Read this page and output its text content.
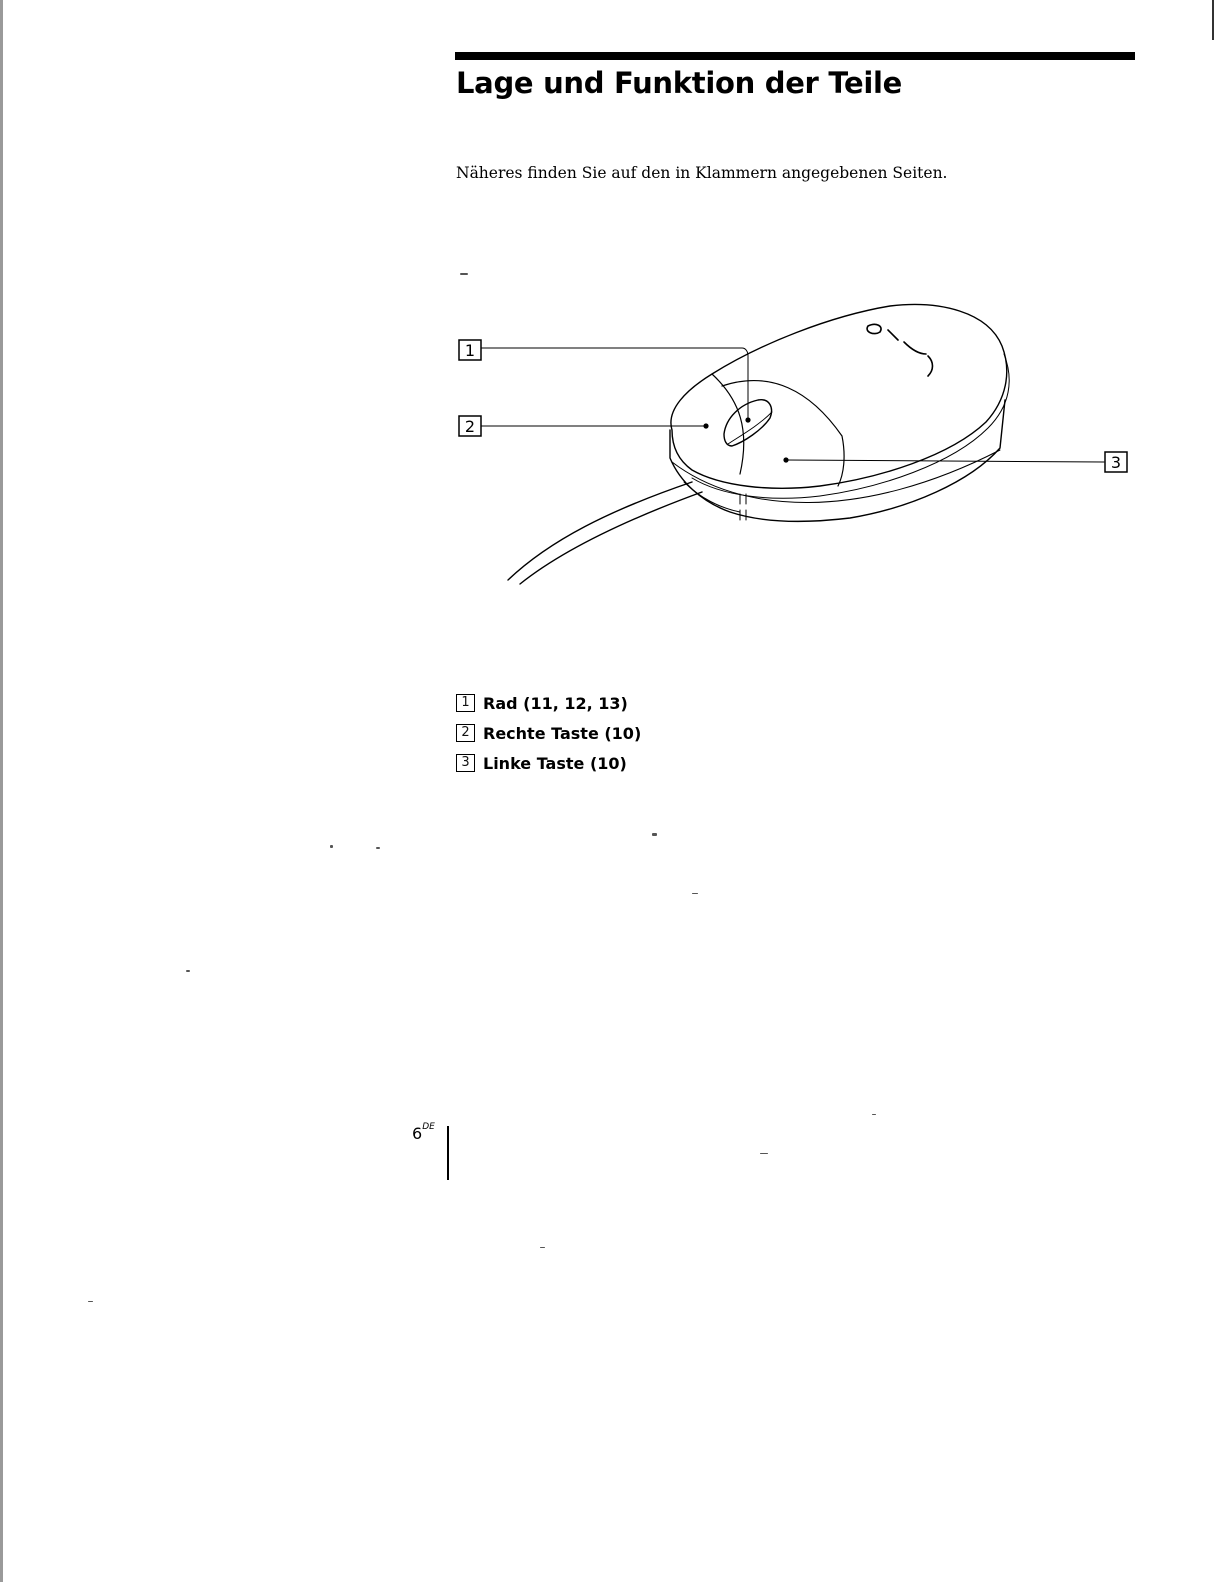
Lage und Funktion der Teile

Näheres finden Sie auf den in Klammern angegebenen Seiten.

1
2
3
1 Rad (11, 12, 13)
2 Rechte Taste (10)
3 Linke Taste (10)
6DE
